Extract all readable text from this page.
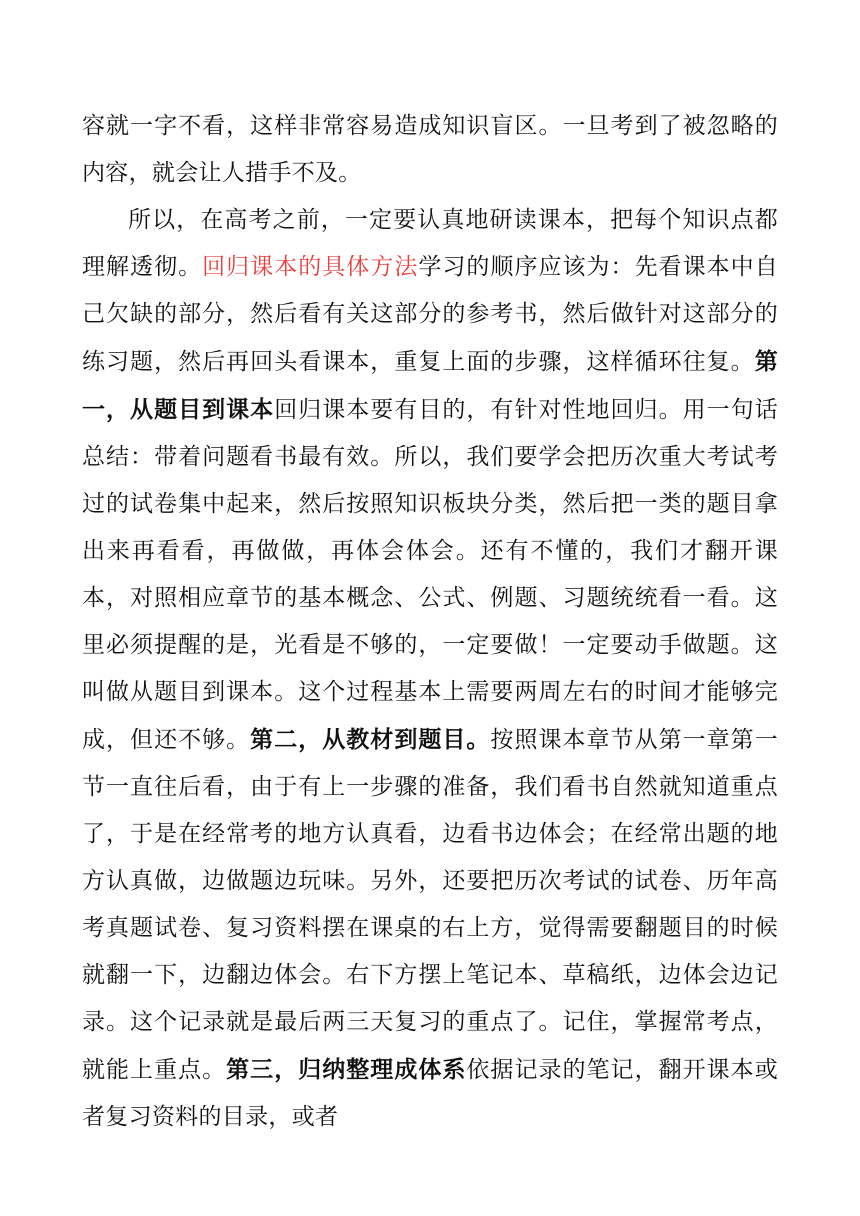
容就一字不看，这样非常容易造成知识盲区。一旦考到了被忽略的内容，就会让人措手不及。

所以，在高考之前，一定要认真地研读课本，把每个知识点都理解透彻。回归课本的具体方法学习的顺序应该为：先看课本中自己欠缺的部分，然后看有关这部分的参考书，然后做针对这部分的练习题，然后再回头看课本，重复上面的步骤，这样循环往复。第一，从题目到课本回归课本要有目的，有针对性地回归。用一句话总结：带着问题看书最有效。所以，我们要学会把历次重大考试考过的试卷集中起来，然后按照知识板块分类，然后把一类的题目拿出来再看看，再做做，再体会体会。还有不懂的，我们才翻开课本，对照相应章节的基本概念、公式、例题、习题统统看一看。这里必须提醒的是，光看是不够的，一定要做！一定要动手做题。这叫做从题目到课本。这个过程基本上需要两周左右的时间才能够完成，但还不够。第二，从教材到题目。按照课本章节从第一章第一节一直往后看，由于有上一步骤的准备，我们看书自然就知道重点了，于是在经常考的地方认真看，边看书边体会；在经常出题的地方认真做，边做题边玩味。另外，还要把历次考试的试卷、历年高考真题试卷、复习资料摆在课桌的右上方，觉得需要翻题目的时候就翻一下，边翻边体会。右下方摆上笔记本、草稿纸，边体会边记录。这个记录就是最后两三天复习的重点了。记住，掌握常考点，就能上重点。第三，归纳整理成体系依据记录的笔记，翻开课本或者复习资料的目录，或者
